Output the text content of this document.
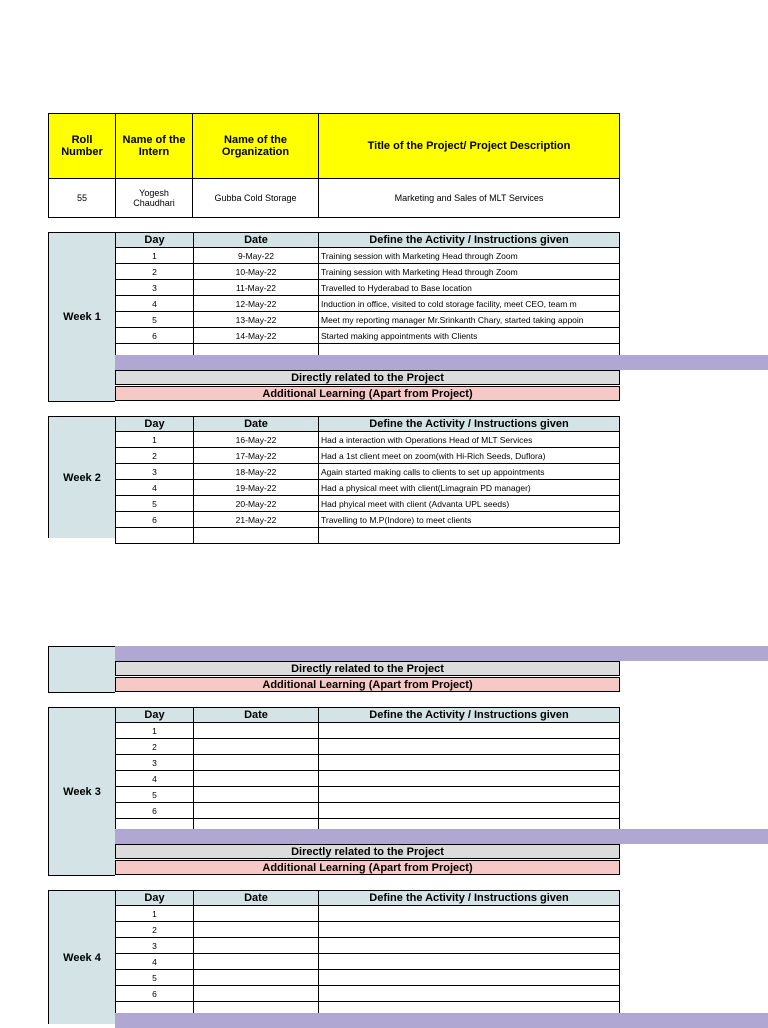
Roll Number	Name of the Intern	Name of the Organization	Title of the Project/ Project Description
55	Yogesh Chaudhari	Gubba Cold Storage	Marketing and Sales of MLT Services
Week 1
Day	Date	Define the Activity / Instructions given
1	9-May-22	Training session with Marketing Head through Zoom
2	10-May-22	Training session with Marketing Head through Zoom
3	11-May-22	Travelled to Hyderabad to Base location
4	12-May-22	Induction in office, visited to cold storage facility, meet CEO, team m
5	13-May-22	Meet my reporting manager Mr.Srinkanth Chary, started taking appoin
6	14-May-22	Started making appointments with Clients

Directly related to the Project
Additional Learning (Apart from Project)
Week 2
Day	Date	Define the Activity / Instructions given
1	16-May-22	Had a interaction with Operations Head of MLT Services
2	17-May-22	Had a 1st client meet on zoom(with Hi-Rich Seeds, Duflora)
3	18-May-22	Again started making calls to clients to set up appointments
4	19-May-22	Had a physical meet with client(Limagrain PD manager)
5	20-May-22	Had phyical meet with client (Advanta UPL seeds)
6	21-May-22	Travelling to M.P(Indore) to meet clients

Directly related to the Project
Additional Learning (Apart from Project)
Week 3
Day	Date	Define the Activity / Instructions given
1		
2		
3		
4		
5		
6		

Directly related to the Project
Additional Learning (Apart from Project)
Week 4
Day	Date	Define the Activity / Instructions given
1		
2		
3		
4		
5		
6		
